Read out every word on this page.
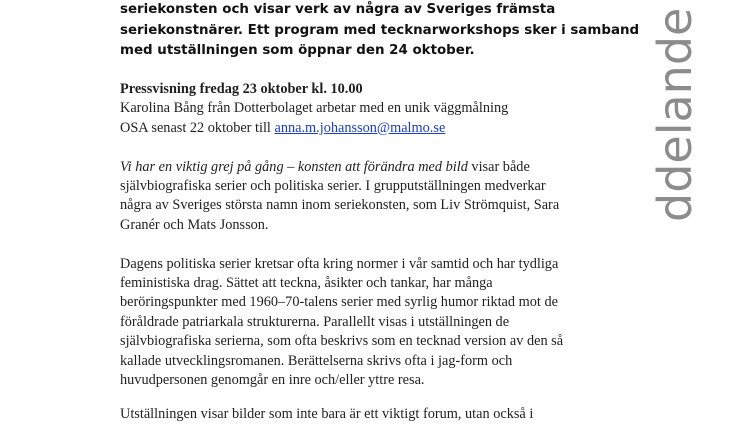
seriekonsten och visar verk av några av Sveriges främsta
seriekonstnärer. Ett program med tecknarworkshops sker i samband
med utställningen som öppnar den 24 oktober.	ddelande
Pressvisning fredag 23 oktober kl. 10.00
Karolina Bång från Dotterbolaget arbetar med en unik väggmålning
OSA senast 22 oktober till anna.m.johansson@malmo.se
Vi har en viktig grej på gång – konsten att förändra med bild visar både
självbiografiska serier och politiska serier. I grupputställningen medverkar
några av Sveriges största namn inom seriekonsten, som Liv Strömquist, Sara
Granér och Mats Jonsson.
Dagens politiska serier kretsar ofta kring normer i vår samtid och har tydliga
feministiska drag. Sättet att teckna, åsikter och tankar, har många
beröringspunkter med 1960–70-talens serier med syrlig humor riktad mot de
föråldrade patriarkala strukturerna. Parallellt visas i utställningen de
självbiografiska serierna, som ofta beskrivs som en tecknad version av den så
kallade utvecklingsromanen. Berättelserna skrivs ofta i jag-form och
huvudpersonen genomgår en inre och/eller yttre resa.
Utställningen visar bilder som inte bara är ett viktigt forum, utan också i
